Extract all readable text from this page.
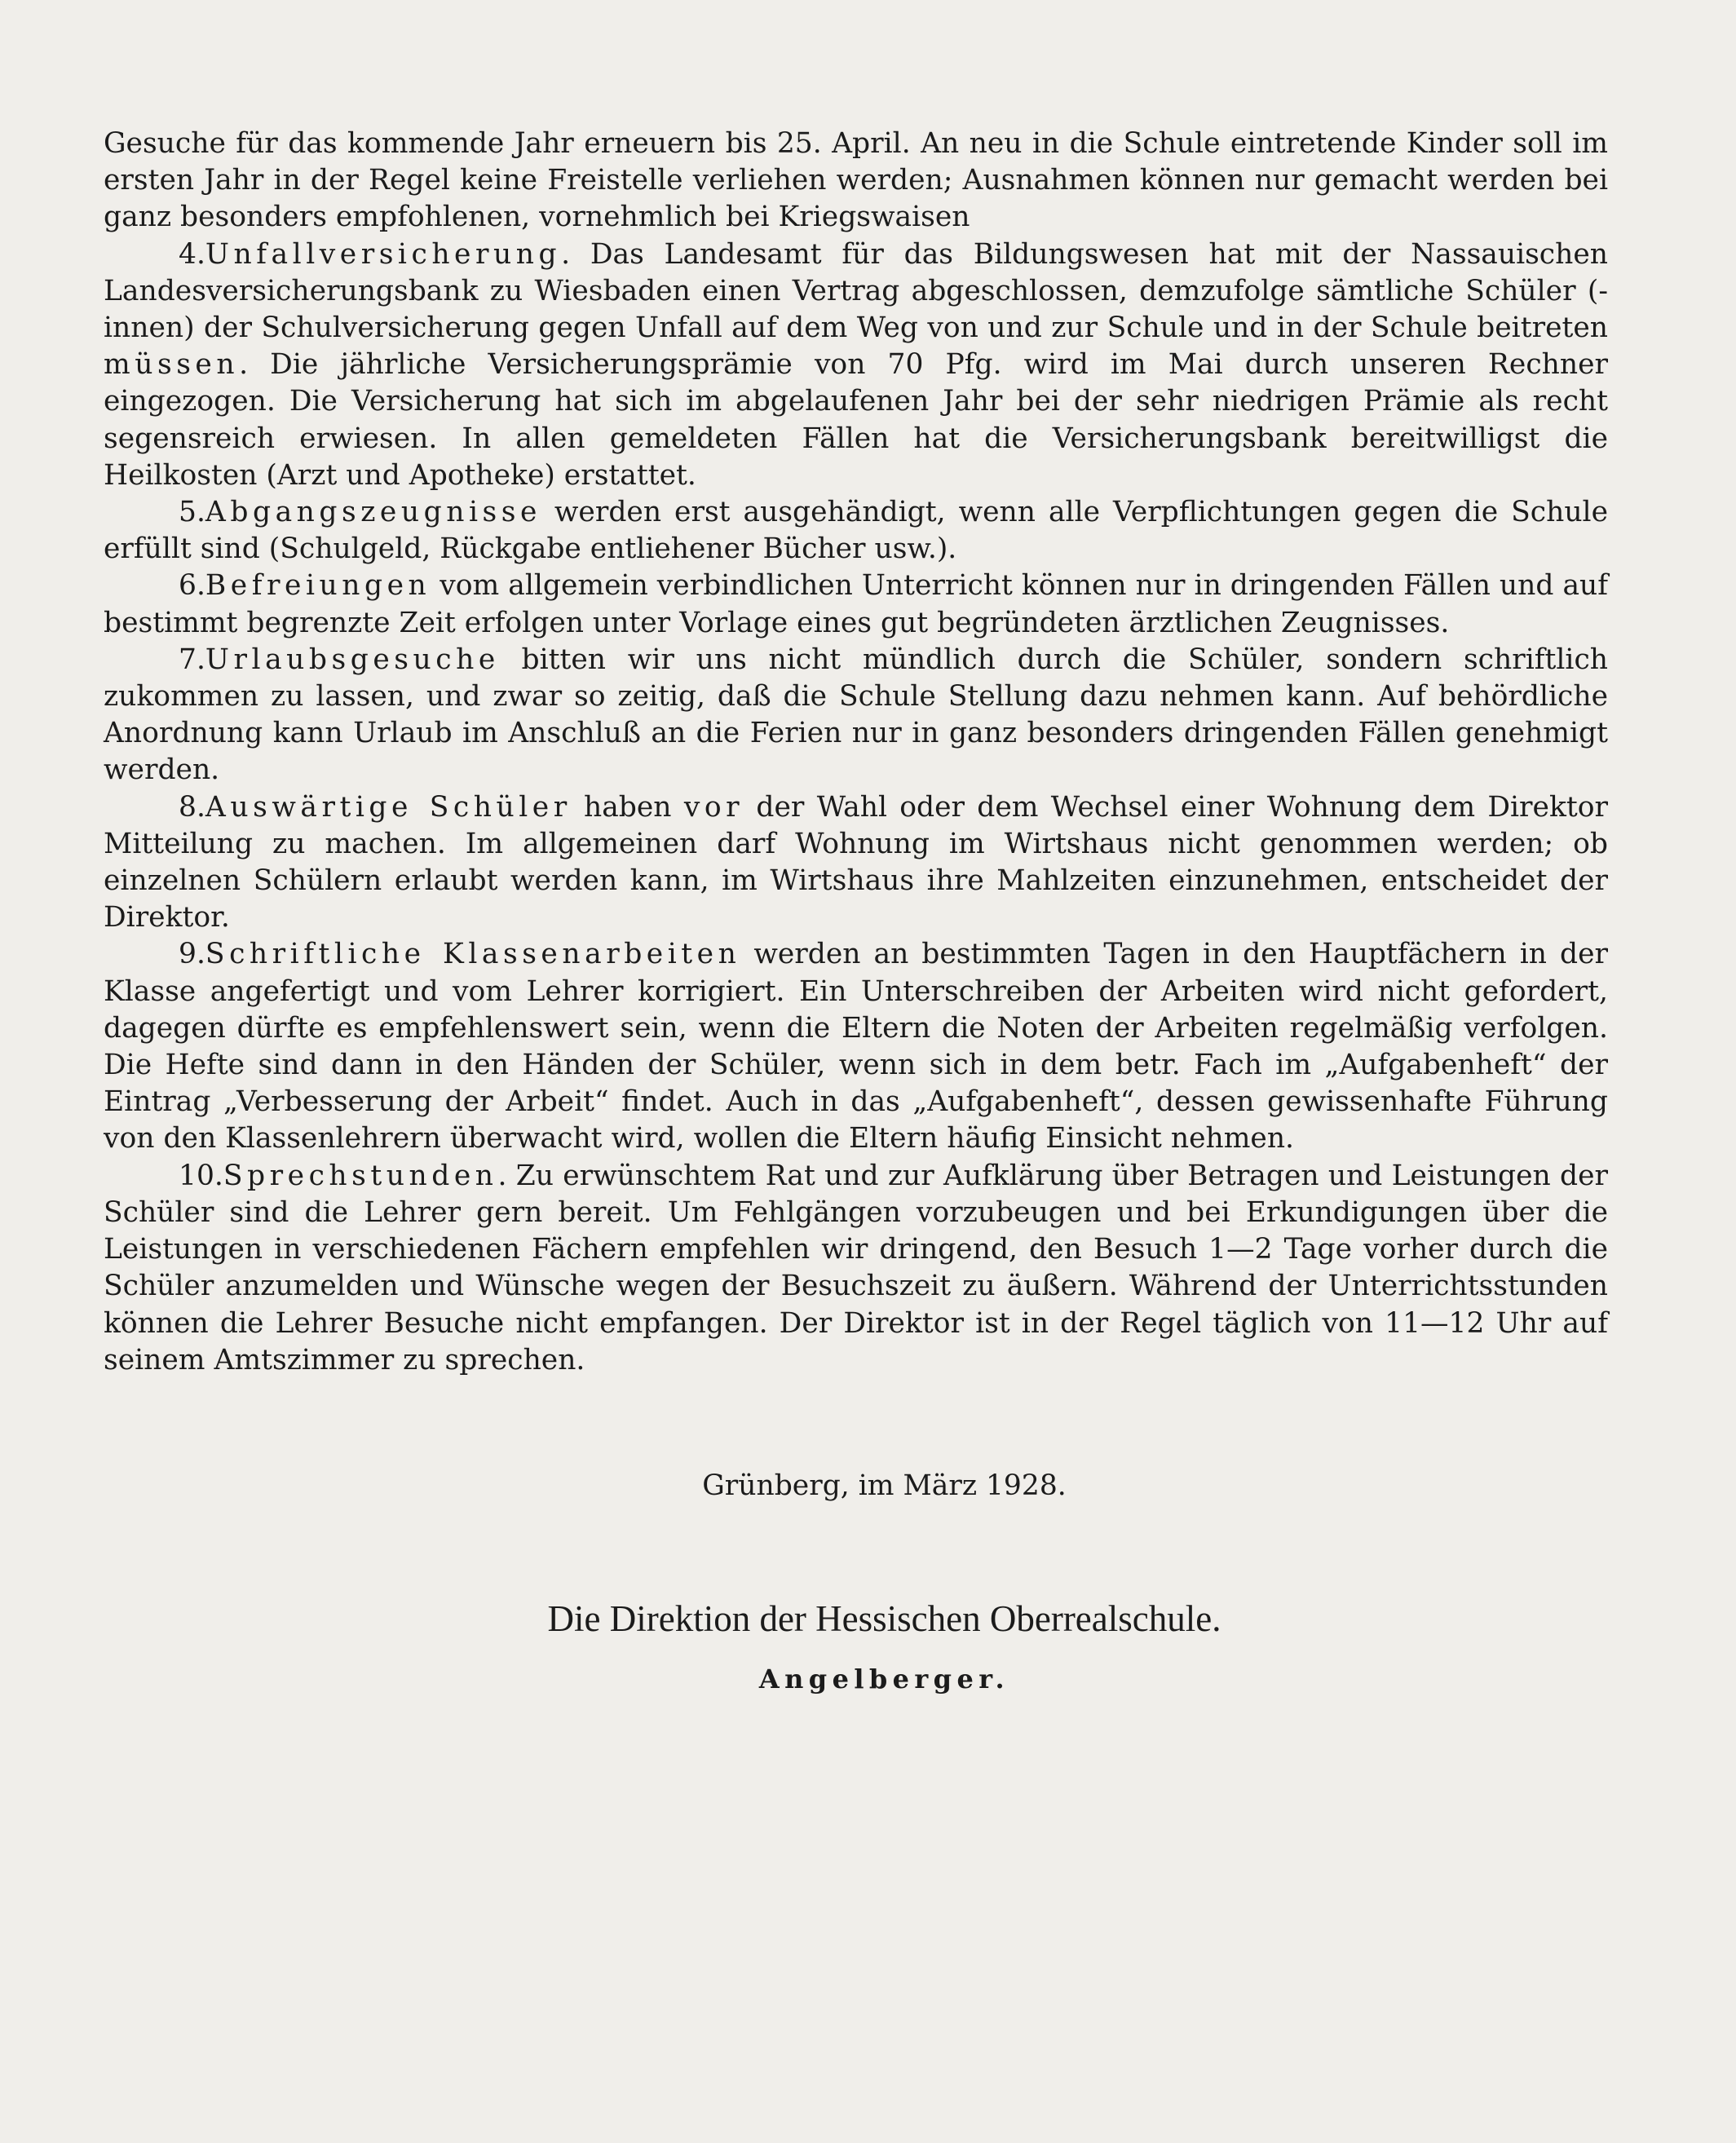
Gesuche für das kommende Jahr erneuern bis 25. April. An neu in die Schule eintretende Kinder soll im ersten Jahr in der Regel keine Freistelle verliehen werden; Ausnahmen können nur gemacht werden bei ganz besonders empfohlenen, vornehmlich bei Kriegswaisen

4.Unfallversicherung. Das Landesamt für das Bildungswesen hat mit der Nassauischen Landesversicherungsbank zu Wiesbaden einen Vertrag abgeschlossen, demzufolge sämtliche Schüler (-innen) der Schulversicherung gegen Unfall auf dem Weg von und zur Schule und in der Schule beitreten müssen. Die jährliche Versicherungsprämie von 70 Pfg. wird im Mai durch unseren Rechner eingezogen. Die Versicherung hat sich im abgelaufenen Jahr bei der sehr niedrigen Prämie als recht segensreich erwiesen. In allen gemeldeten Fällen hat die Versicherungsbank bereitwilligst die Heilkosten (Arzt und Apotheke) erstattet.

5.Abgangszeugnisse werden erst ausgehändigt, wenn alle Verpflichtungen gegen die Schule erfüllt sind (Schulgeld, Rückgabe entliehener Bücher usw.).

6.Befreiungen vom allgemein verbindlichen Unterricht können nur in dringenden Fällen und auf bestimmt begrenzte Zeit erfolgen unter Vorlage eines gut begründeten ärztlichen Zeugnisses.

7.Urlaubsgesuche bitten wir uns nicht mündlich durch die Schüler, sondern schriftlich zukommen zu lassen, und zwar so zeitig, daß die Schule Stellung dazu nehmen kann. Auf behördliche Anordnung kann Urlaub im Anschluß an die Ferien nur in ganz besonders dringenden Fällen genehmigt werden.

8.Auswärtige Schüler haben vor der Wahl oder dem Wechsel einer Wohnung dem Direktor Mitteilung zu machen. Im allgemeinen darf Wohnung im Wirtshaus nicht genommen werden; ob einzelnen Schülern erlaubt werden kann, im Wirtshaus ihre Mahlzeiten einzunehmen, entscheidet der Direktor.

9.Schriftliche Klassenarbeiten werden an bestimmten Tagen in den Hauptfächern in der Klasse angefertigt und vom Lehrer korrigiert. Ein Unterschreiben der Arbeiten wird nicht gefordert, dagegen dürfte es empfehlenswert sein, wenn die Eltern die Noten der Arbeiten regelmäßig verfolgen. Die Hefte sind dann in den Händen der Schüler, wenn sich in dem betr. Fach im „Aufgabenheft“ der Eintrag „Verbesserung der Arbeit“ findet. Auch in das „Aufgabenheft“, dessen gewissenhafte Führung von den Klassenlehrern überwacht wird, wollen die Eltern häufig Einsicht nehmen.

10.Sprechstunden. Zu erwünschtem Rat und zur Aufklärung über Betragen und Leistungen der Schüler sind die Lehrer gern bereit. Um Fehlgängen vorzubeugen und bei Erkundigungen über die Leistungen in verschiedenen Fächern empfehlen wir dringend, den Besuch 1—2 Tage vorher durch die Schüler anzumelden und Wünsche wegen der Besuchszeit zu äußern. Während der Unterrichtsstunden können die Lehrer Besuche nicht empfangen. Der Direktor ist in der Regel täglich von 11—12 Uhr auf seinem Amtszimmer zu sprechen.

Grünberg, im März 1928.
Die Direktion der Hessischen Oberrealschule.
Angelberger.
